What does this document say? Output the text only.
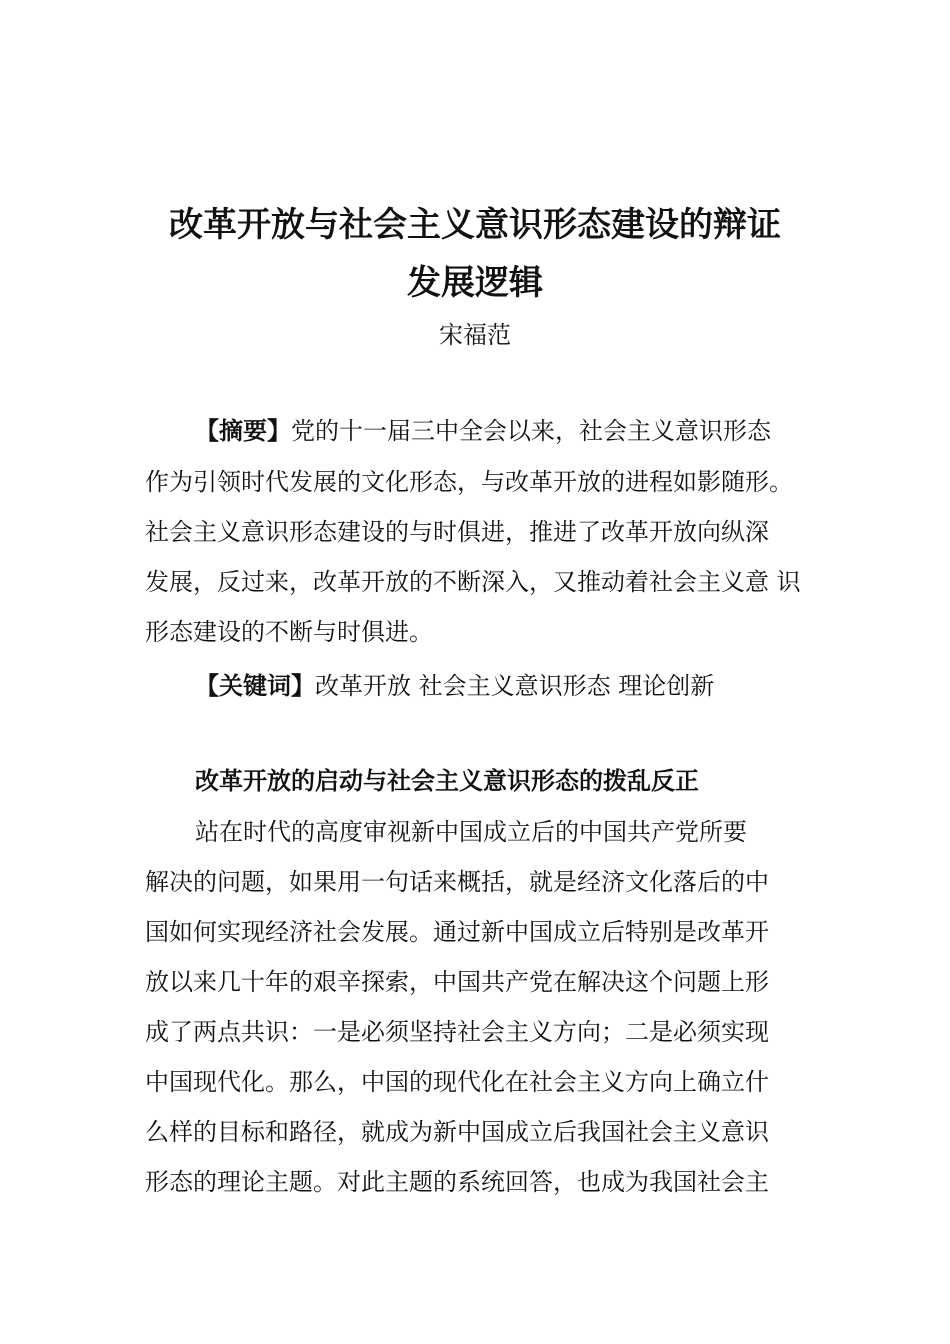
改革开放与社会主义意识形态建设的辩证
发展逻辑
宋福范
【摘要】党的十一届三中全会以来，社会主义意识形态
作为引领时代发展的文化形态，与改革开放的进程如影随形。
社会主义意识形态建设的与时俱进，推进了改革开放向纵深
发展，反过来，改革开放的不断深入，又推动着社会主义意 识
形态建设的不断与时俱进。
【关键词】改革开放 社会主义意识形态 理论创新
改革开放的启动与社会主义意识形态的拨乱反正
站在时代的高度审视新中国成立后的中国共产党所要
解决的问题，如果用一句话来概括，就是经济文化落后的中
国如何实现经济社会发展。通过新中国成立后特别是改革开
放以来几十年的艰辛探索，中国共产党在解决这个问题上形
成了两点共识：一是必须坚持社会主义方向；二是必须实现
中国现代化。那么，中国的现代化在社会主义方向上确立什
么样的目标和路径，就成为新中国成立后我国社会主义意识
形态的理论主题。对此主题的系统回答，也成为我国社会主
